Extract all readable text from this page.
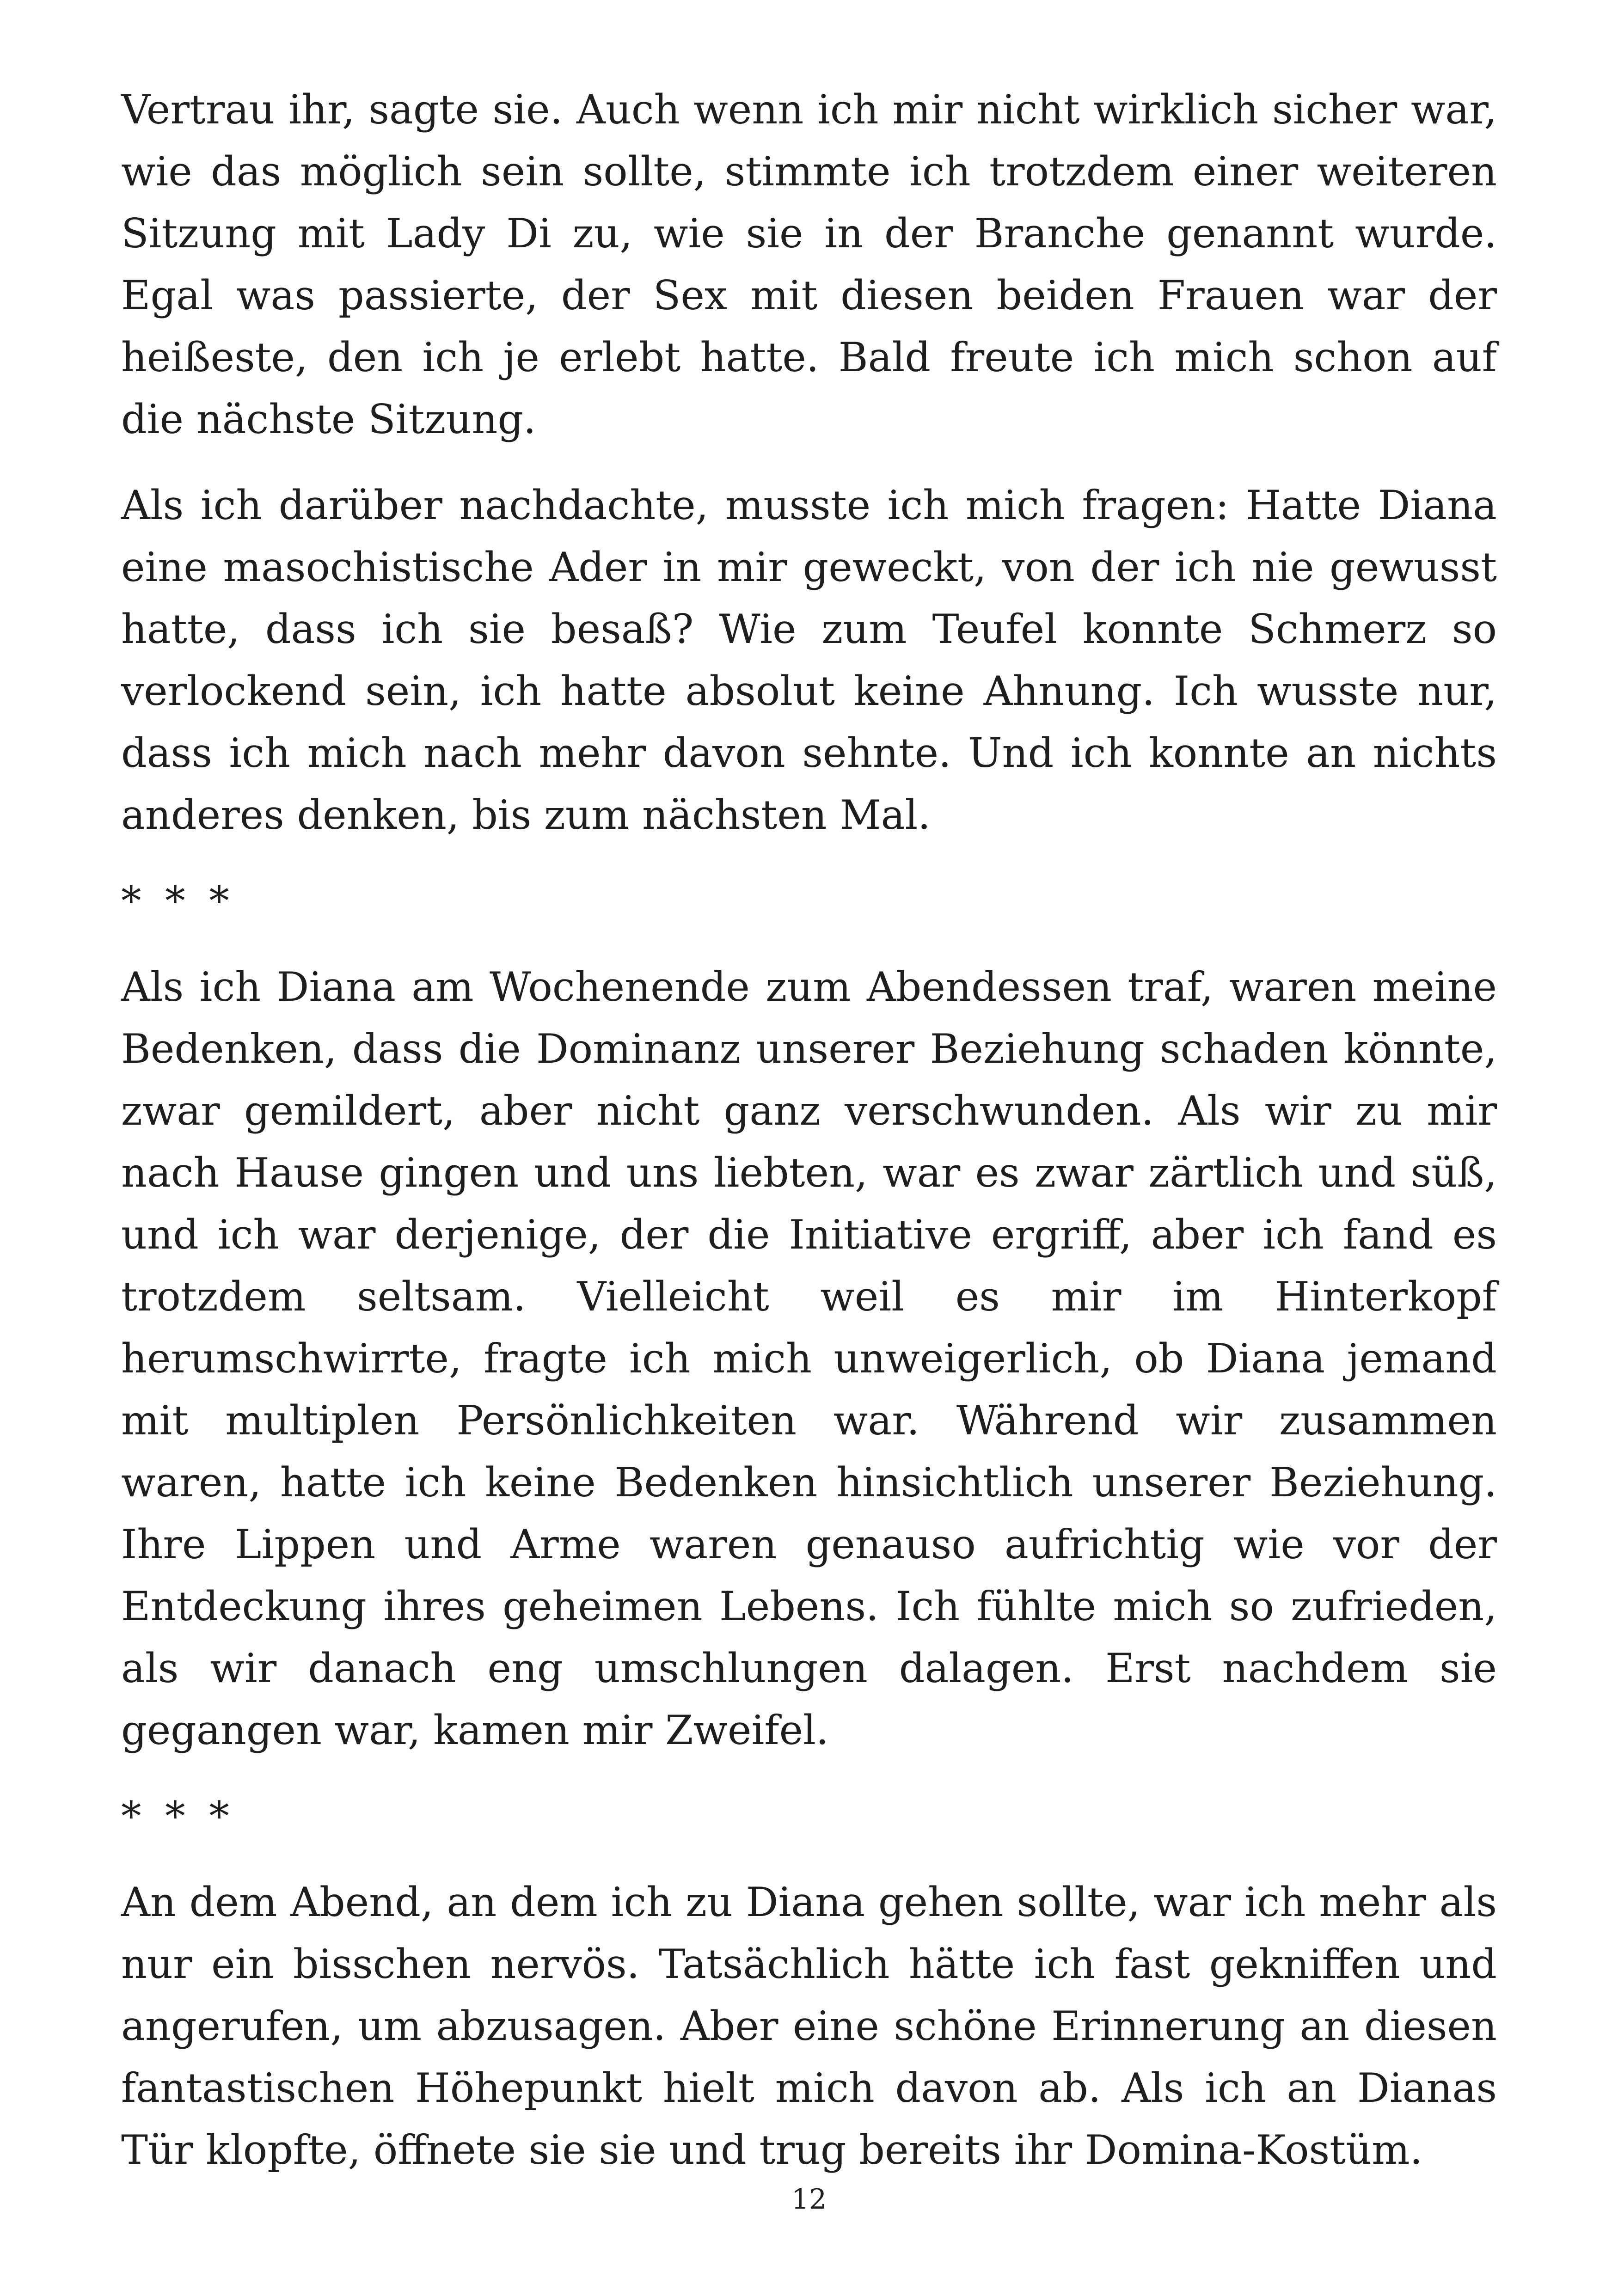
Vertrau ihr, sagte sie. Auch wenn ich mir nicht wirklich sicher war, wie das möglich sein sollte, stimmte ich trotzdem einer weiteren Sitzung mit Lady Di zu, wie sie in der Branche genannt wurde. Egal was passierte, der Sex mit diesen beiden Frauen war der heißeste, den ich je erlebt hatte. Bald freute ich mich schon auf die nächste Sitzung.

Als ich darüber nachdachte, musste ich mich fragen: Hatte Diana eine masochistische Ader in mir geweckt, von der ich nie gewusst hatte, dass ich sie besaß? Wie zum Teufel konnte Schmerz so verlockend sein, ich hatte absolut keine Ahnung. Ich wusste nur, dass ich mich nach mehr davon sehnte. Und ich konnte an nichts anderes denken, bis zum nächsten Mal.

* * *

Als ich Diana am Wochenende zum Abendessen traf, waren meine Bedenken, dass die Dominanz unserer Beziehung schaden könnte, zwar gemildert, aber nicht ganz verschwunden. Als wir zu mir nach Hause gingen und uns liebten, war es zwar zärtlich und süß, und ich war derjenige, der die Initiative ergriff, aber ich fand es trotzdem seltsam. Vielleicht weil es mir im Hinterkopf herumschwirrte, fragte ich mich unweigerlich, ob Diana jemand mit multiplen Persönlichkeiten war. Während wir zusammen waren, hatte ich keine Bedenken hinsichtlich unserer Beziehung. Ihre Lippen und Arme waren genauso aufrichtig wie vor der Entdeckung ihres geheimen Lebens. Ich fühlte mich so zufrieden, als wir danach eng umschlungen dalagen. Erst nachdem sie gegangen war, kamen mir Zweifel.

* * *

An dem Abend, an dem ich zu Diana gehen sollte, war ich mehr als nur ein bisschen nervös. Tatsächlich hätte ich fast gekniffen und angerufen, um abzusagen. Aber eine schöne Erinnerung an diesen fantastischen Höhepunkt hielt mich davon ab. Als ich an Dianas Tür klopfte, öffnete sie sie und trug bereits ihr Domina-Kostüm.

12
